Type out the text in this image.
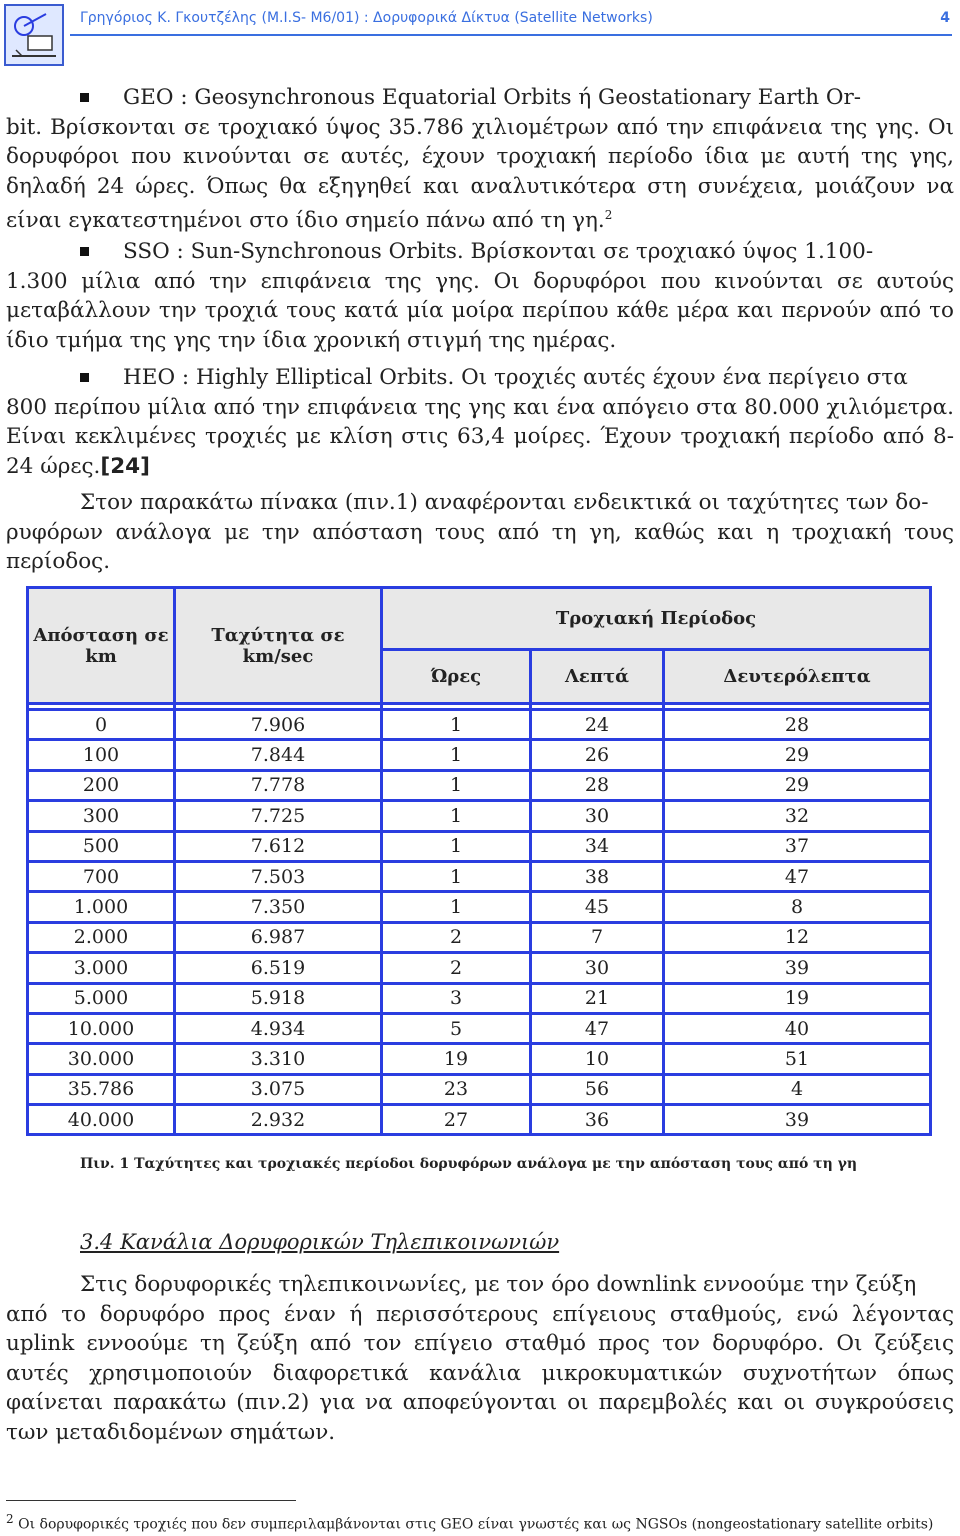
Γρηγόριος Κ. Γκουτζέλης (Μ.Ι.S- Μ6/01) : Δορυφορικά Δίκτυα (Satellite Networks)	4
GEO : Geosynchronous Equatorial Orbits ή Geostationary Earth Or-
bit. Βρίσκονται σε τροχιακό ύψος 35.786 χιλιομέτρων από την επιφάνεια της γης. Οι δορυφόροι που κινούνται σε αυτές, έχουν τροχιακή περίοδο ίδια με αυτή της γης, δηλαδή 24 ώρες. Όπως θα εξηγηθεί και αναλυτικότερα στη συνέχεια, μοιάζουν να είναι εγκατεστημένοι στο ίδιο σημείο πάνω από τη γη.$^2$
SSO : Sun-Synchronous Orbits. Βρίσκονται σε τροχιακό ύψος 1.100-
1.300 μίλια από την επιφάνεια της γης. Οι δορυφόροι που κινούνται σε αυτούς μεταβάλλουν την τροχιά τους κατά μία μοίρα περίπου κάθε μέρα και περνούν από το ίδιο τμήμα της γης την ίδια χρονική στιγμή της ημέρας.
HEO : Highly Elliptical Orbits. Οι τροχιές αυτές έχουν ένα περίγειο στα
800 περίπου μίλια από την επιφάνεια της γης και ένα απόγειο στα 80.000 χιλιόμετρα. Είναι κεκλιμένες τροχιές με κλίση στις 63,4 μοίρες. Έχουν τροχιακή περίοδο από 8-24 ώρες.[24]
Στον παρακάτω πίνακα (πιν.1) αναφέρονται ενδεικτικά οι ταχύτητες των δο-
ρυφόρων ανάλογα με την απόσταση τους από τη γη, καθώς και η τροχιακή τους περίοδος.
Απόσταση σε km	Ταχύτητα σε km/sec	Τροχιακή Περίοδος		
		Ώρες	Λεπτά	Δευτερόλεπτα

0	7.906	1	24	28
100	7.844	1	26	29
200	7.778	1	28	29
300	7.725	1	30	32
500	7.612	1	34	37
700	7.503	1	38	47
1.000	7.350	1	45	8
2.000	6.987	2	7	12
3.000	6.519	2	30	39
5.000	5.918	3	21	19
10.000	4.934	5	47	40
30.000	3.310	19	10	51
35.786	3.075	23	56	4
40.000	2.932	27	36	39
Πιν. 1 Ταχύτητες και τροχιακές περίοδοι δορυφόρων ανάλογα με την απόσταση τους από τη γη
3.4 Κανάλια Δορυφορικών Τηλεπικοινωνιών
Στις δορυφορικές τηλεπικοινωνίες, με τον όρο downlink εννοούμε την ζεύξη
από το δορυφόρο προς έναν ή περισσότερους επίγειους σταθμούς, ενώ λέγοντας uplink εννοούμε τη ζεύξη από τον επίγειο σταθμό προς τον δορυφόρο. Οι ζεύξεις αυτές χρησιμοποιούν διαφορετικά κανάλια μικροκυματικών συχνοτήτων όπως φαίνεται παρακάτω (πιν.2) για να αποφεύγονται οι παρεμβολές και οι συγκρούσεις των μεταδιδομένων σημάτων.
$^2$ Οι δορυφορικές τροχιές που δεν συμπεριλαμβάνονται στις GEO είναι γνωστές και ως NGSOs (nongeostationary satellite orbits)
